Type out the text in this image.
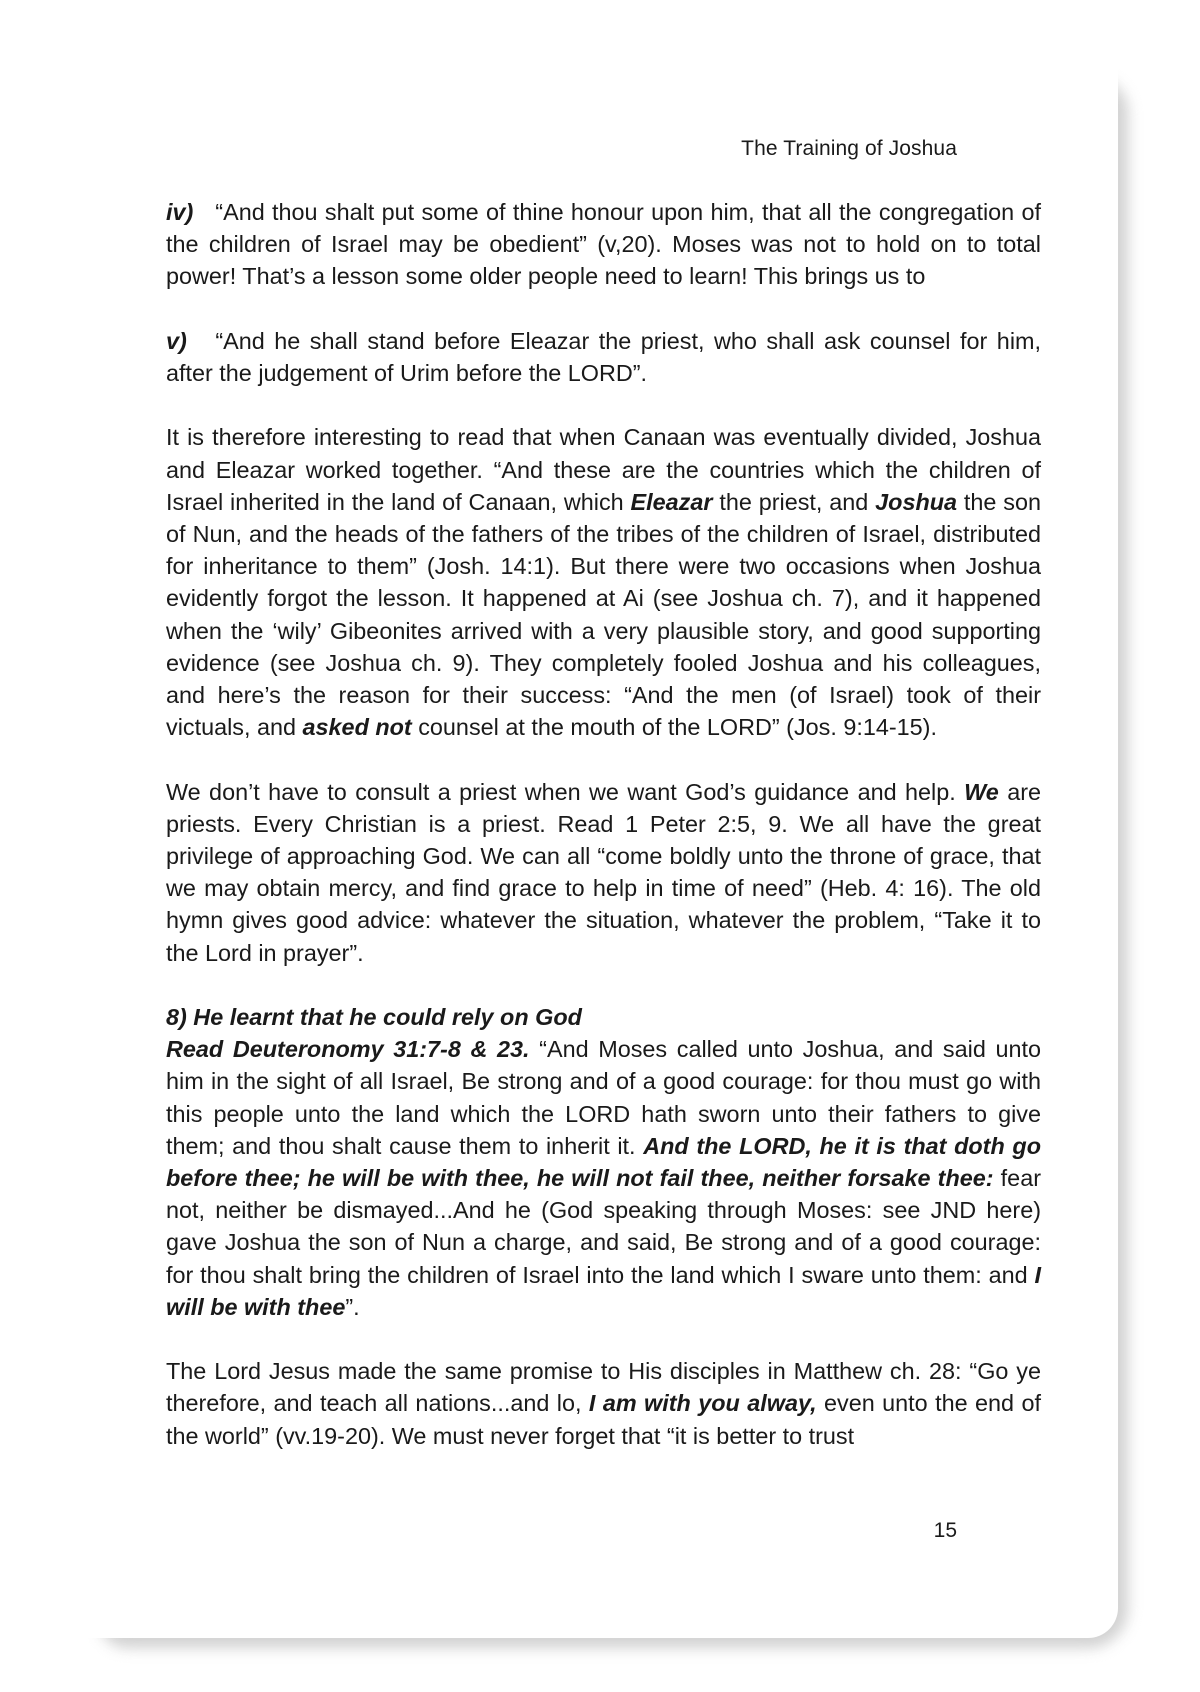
The Training of Joshua

iv) “And thou shalt put some of thine honour upon him, that all the congregation of the children of Israel may be obedient” (v,20). Moses was not to hold on to total power! That’s a lesson some older people need to learn! This brings us to

v) “And he shall stand before Eleazar the priest, who shall ask counsel for him, after the judgement of Urim before the LORD”.

It is therefore interesting to read that when Canaan was eventually divided, Joshua and Eleazar worked together. “And these are the countries which the children of Israel inherited in the land of Canaan, which Eleazar the priest, and Joshua the son of Nun, and the heads of the fathers of the tribes of the children of Israel, distributed for inheritance to them” (Josh. 14:1). But there were two occasions when Joshua evidently forgot the lesson. It happened at Ai (see Joshua ch. 7), and it happened when the ‘wily’ Gibeonites arrived with a very plausible story, and good supporting evidence (see Joshua ch. 9). They completely fooled Joshua and his colleagues, and here’s the reason for their success: “And the men (of Israel) took of their victuals, and asked not counsel at the mouth of the LORD” (Jos. 9:14-15).

We don’t have to consult a priest when we want God’s guidance and help. We are priests. Every Christian is a priest. Read 1 Peter 2:5, 9. We all have the great privilege of approaching God. We can all “come boldly unto the throne of grace, that we may obtain mercy, and find grace to help in time of need” (Heb. 4: 16). The old hymn gives good advice: whatever the situation, whatever the problem, “Take it to the Lord in prayer”.

8) He learnt that he could rely on God

Read Deuteronomy 31:7-8 & 23. “And Moses called unto Joshua, and said unto him in the sight of all Israel, Be strong and of a good courage: for thou must go with this people unto the land which the LORD hath sworn unto their fathers to give them; and thou shalt cause them to inherit it. And the LORD, he it is that doth go before thee; he will be with thee, he will not fail thee, neither forsake thee: fear not, neither be dismayed...And he (God speaking through Moses: see JND here) gave Joshua the son of Nun a charge, and said, Be strong and of a good courage: for thou shalt bring the children of Israel into the land which I sware unto them: and I will be with thee”.

The Lord Jesus made the same promise to His disciples in Matthew ch. 28: “Go ye therefore, and teach all nations...and lo, I am with you alway, even unto the end of the world” (vv.19-20). We must never forget that “it is better to trust

15
